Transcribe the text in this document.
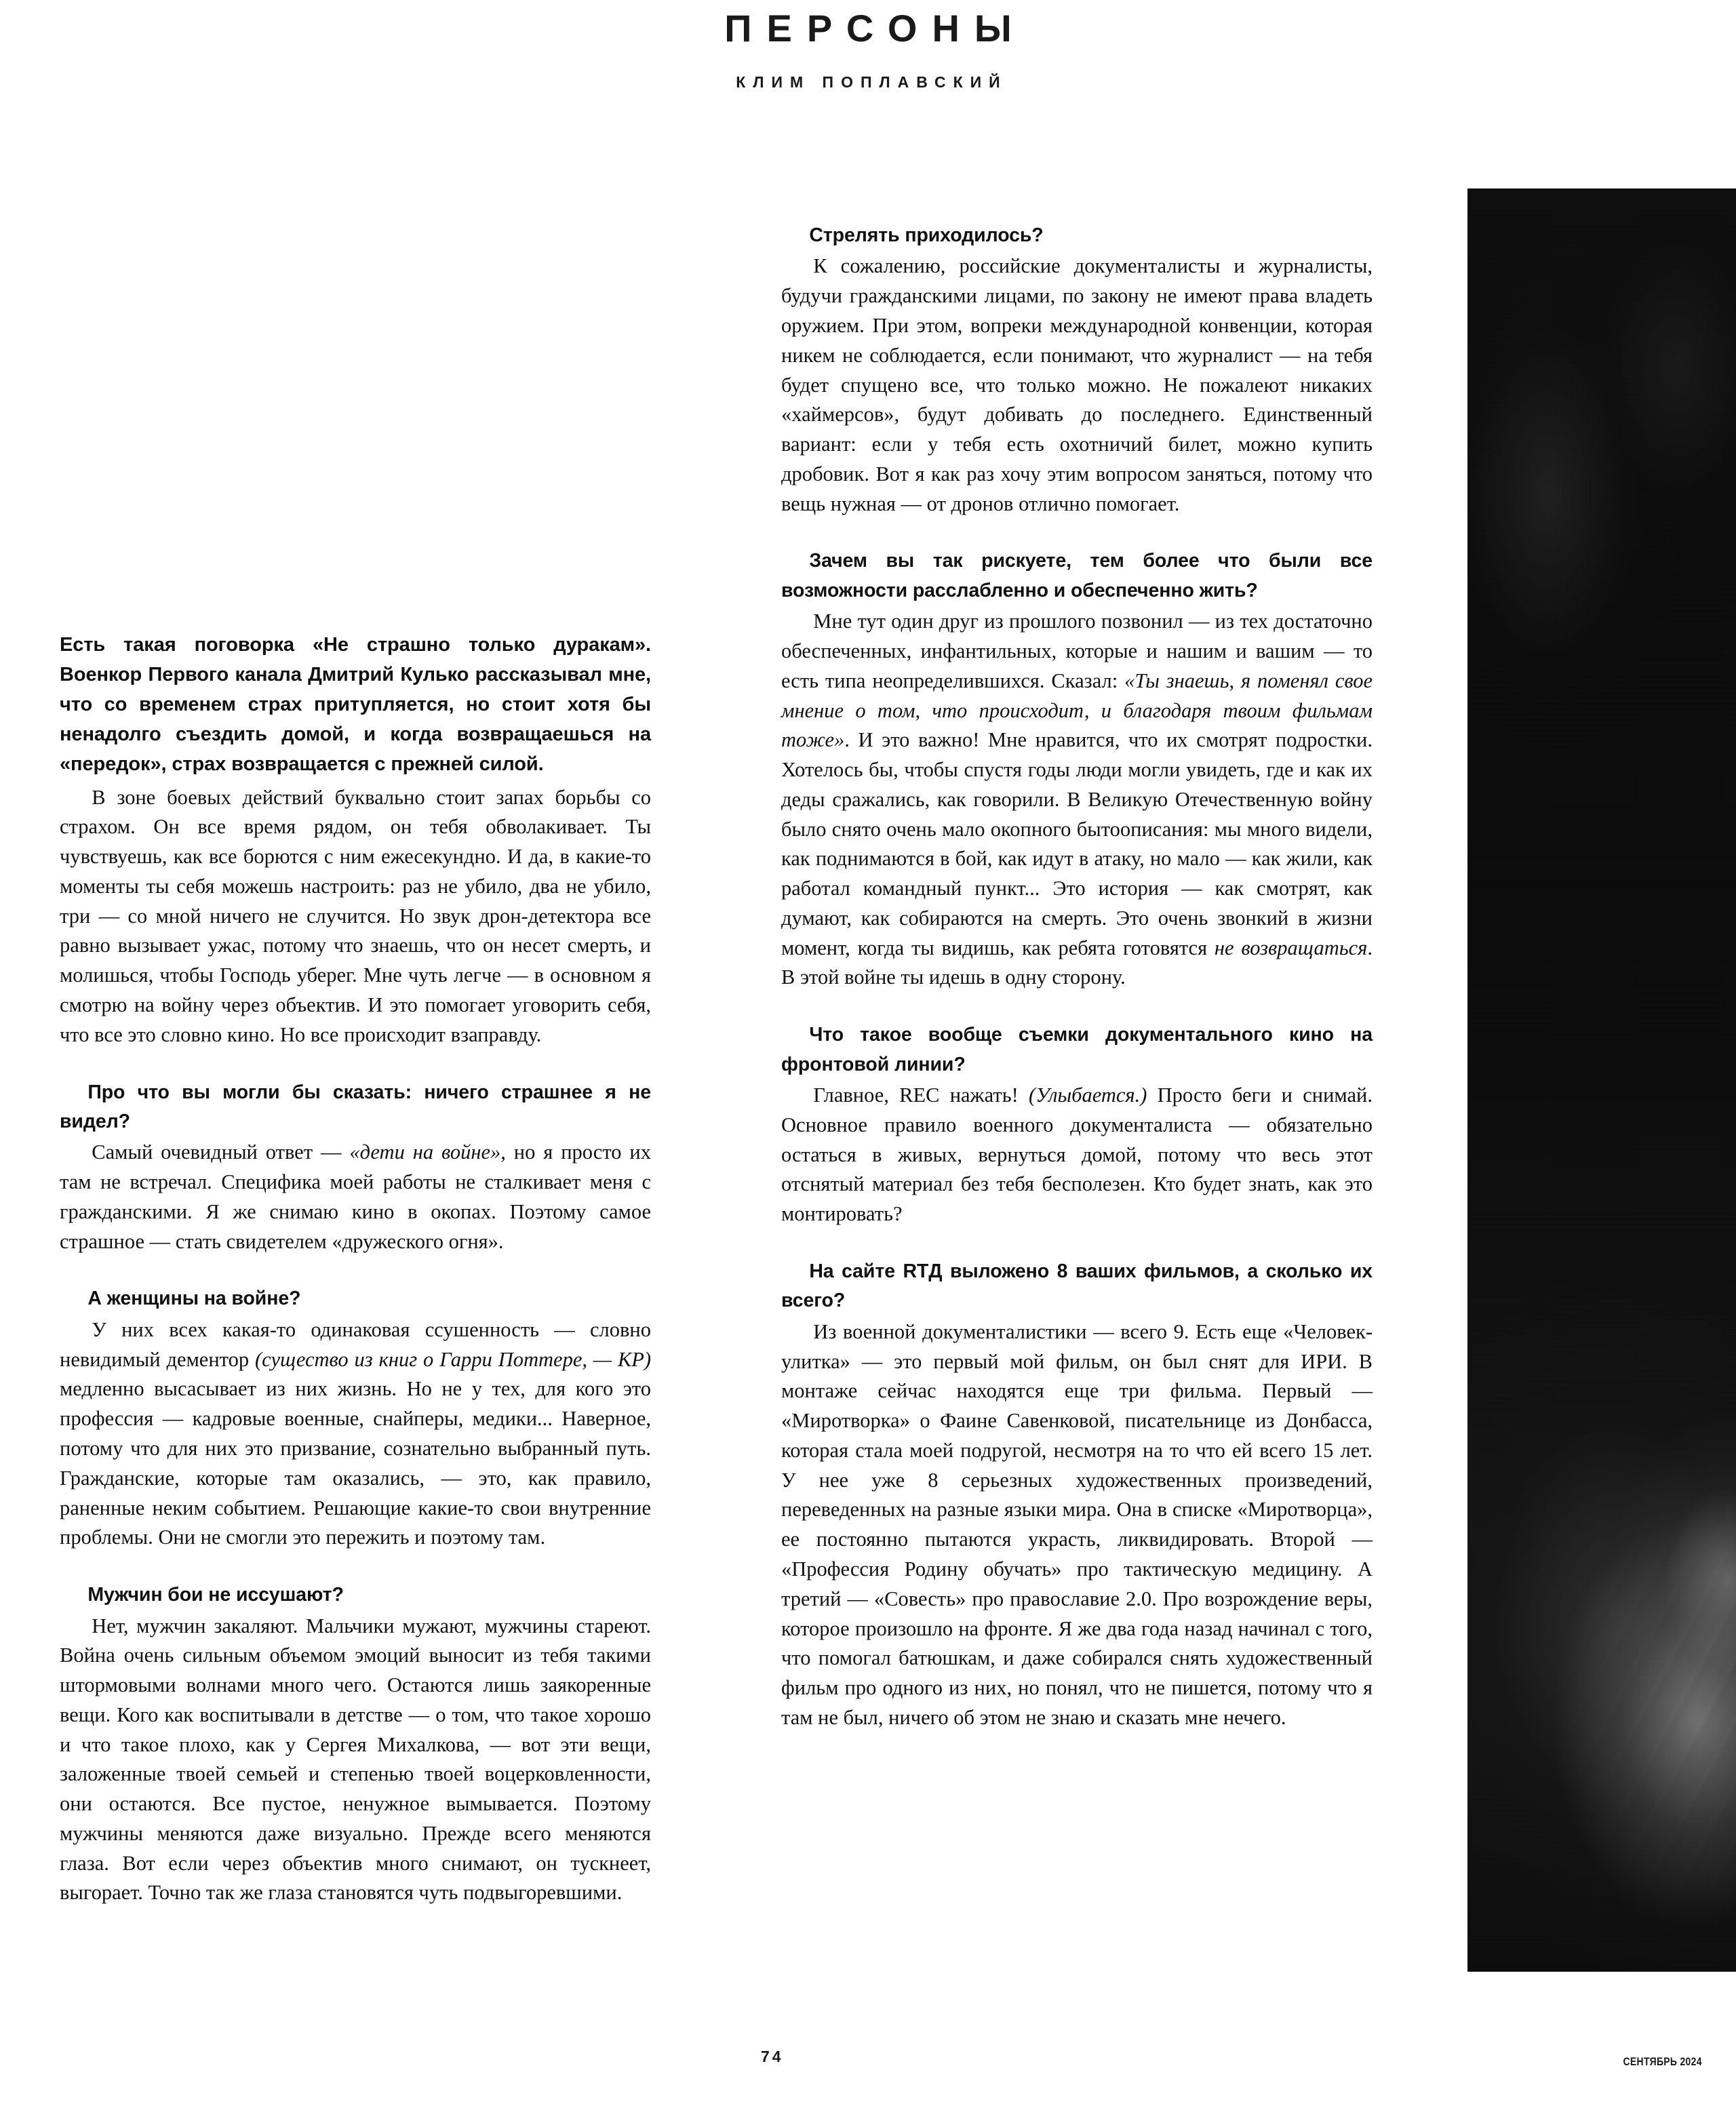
ПЕРСОНЫ
КЛИМ ПОПЛАВСКИЙ

Есть такая поговорка «Не страшно только дуракам». Военкор Первого канала Дмитрий Кулько рассказывал мне, что со временем страх притупляется, но стоит хотя бы ненадолго съездить домой, и когда возвращаешься на «передок», страх возвращается с прежней силой.

В зоне боевых действий буквально стоит запах борьбы со страхом. Он все время рядом, он тебя обволакивает. Ты чувствуешь, как все борются с ним ежесекундно. И да, в какие-то моменты ты себя можешь настроить: раз не убило, два не убило, три — со мной ничего не случится. Но звук дрон-детектора все равно вызывает ужас, потому что знаешь, что он несет смерть, и молишься, чтобы Господь уберег. Мне чуть легче — в основном я смотрю на войну через объектив. И это помогает уговорить себя, что все это словно кино. Но все происходит взаправду.

Про что вы могли бы сказать: ничего страшнее я не видел?

Самый очевидный ответ — «дети на войне», но я просто их там не встречал. Специфика моей работы не сталкивает меня с гражданскими. Я же снимаю кино в окопах. Поэтому самое страшное — стать свидетелем «дружеского огня».

А женщины на войне?

У них всех какая-то одинаковая ссушенность — словно невидимый дементор (существо из книг о Гарри Поттере, — КР) медленно высасывает из них жизнь. Но не у тех, для кого это профессия — кадровые военные, снайперы, медики... Наверное, потому что для них это призвание, сознательно выбранный путь. Гражданские, которые там оказались, — это, как правило, раненные неким событием. Решающие какие-то свои внутренние проблемы. Они не смогли это пережить и поэтому там.

Мужчин бои не иссушают?

Нет, мужчин закаляют. Мальчики мужают, мужчины стареют. Война очень сильным объемом эмоций выносит из тебя такими штормовыми волнами много чего. Остаются лишь заякоренные вещи. Кого как воспитывали в детстве — о том, что такое хорошо и что такое плохо, как у Сергея Михалкова, — вот эти вещи, заложенные твоей семьей и степенью твоей воцерковленности, они остаются. Все пустое, ненужное вымывается. Поэтому мужчины меняются даже визуально. Прежде всего меняются глаза. Вот если через объектив много снимают, он тускнеет, выгорает. Точно так же глаза становятся чуть подвыгоревшими.

Стрелять приходилось?

К сожалению, российские документалисты и журналисты, будучи гражданскими лицами, по закону не имеют права владеть оружием. При этом, вопреки международной конвенции, которая никем не соблюдается, если понимают, что журналист — на тебя будет спущено все, что только можно. Не пожалеют никаких «хаймерсов», будут добивать до последнего. Единственный вариант: если у тебя есть охотничий билет, можно купить дробовик. Вот я как раз хочу этим вопросом заняться, потому что вещь нужная — от дронов отлично помогает.

Зачем вы так рискуете, тем более что были все возможности расслабленно и обеспеченно жить?

Мне тут один друг из прошлого позвонил — из тех достаточно обеспеченных, инфантильных, которые и нашим и вашим — то есть типа неопределившихся. Сказал: «Ты знаешь, я поменял свое мнение о том, что происходит, и благодаря твоим фильмам тоже». И это важно! Мне нравится, что их смотрят подростки. Хотелось бы, чтобы спустя годы люди могли увидеть, где и как их деды сражались, как говорили. В Великую Отечественную войну было снято очень мало окопного бытоописания: мы много видели, как поднимаются в бой, как идут в атаку, но мало — как жили, как работал командный пункт... Это история — как смотрят, как думают, как собираются на смерть. Это очень звонкий в жизни момент, когда ты видишь, как ребята готовятся не возвращаться. В этой войне ты идешь в одну сторону.

Что такое вообще съемки документального кино на фронтовой линии?

Главное, REC нажать! (Улыбается.) Просто беги и снимай. Основное правило военного документалиста — обязательно остаться в живых, вернуться домой, потому что весь этот отснятый материал без тебя бесполезен. Кто будет знать, как это монтировать?

На сайте RTД выложено 8 ваших фильмов, а сколько их всего?

Из военной документалистики — всего 9. Есть еще «Человек-улитка» — это первый мой фильм, он был снят для ИРИ. В монтаже сейчас находятся еще три фильма. Первый — «Миротворка» о Фаине Савенковой, писательнице из Донбасса, которая стала моей подругой, несмотря на то что ей всего 15 лет. У нее уже 8 серьезных художественных произведений, переведенных на разные языки мира. Она в списке «Миротворца», ее постоянно пытаются украсть, ликвидировать. Второй — «Профессия Родину обучать» про тактическую медицину. А третий — «Совесть» про православие 2.0. Про возрождение веры, которое произошло на фронте. Я же два года назад начинал с того, что помогал батюшкам, и даже собирался снять художественный фильм про одного из них, но понял, что не пишется, потому что я там не был, ничего об этом не знаю и сказать мне нечего.

74	СЕНТЯБРЬ 2024
